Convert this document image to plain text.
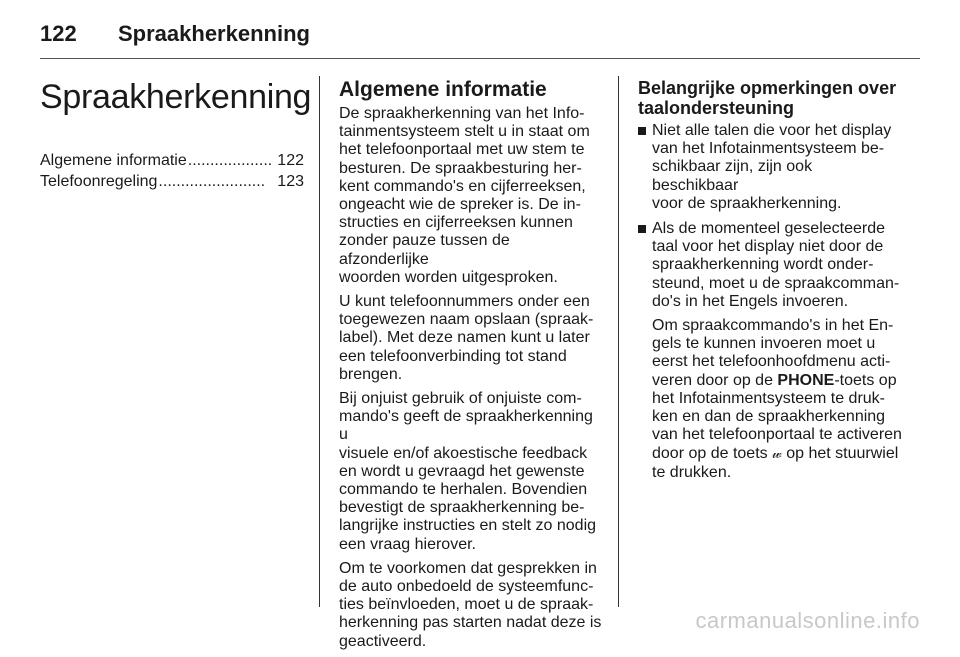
122	Spraakherkenning
Spraakherkenning
Algemene informatie ................... 122
Telefoonregeling ........................ 123
Algemene informatie

De spraakherkenning van het Info-
tainmentsysteem stelt u in staat om
het telefoonportaal met uw stem te
besturen. De spraakbesturing her-
kent commando's en cijferreeksen,
ongeacht wie de spreker is. De in-
structies en cijferreeksen kunnen
zonder pauze tussen de afzonderlijke
woorden worden uitgesproken.

U kunt telefoonnummers onder een
toegewezen naam opslaan (spraak-
label). Met deze namen kunt u later
een telefoonverbinding tot stand
brengen.

Bij onjuist gebruik of onjuiste com-
mando's geeft de spraakherkenning u
visuele en/of akoestische feedback
en wordt u gevraagd het gewenste
commando te herhalen. Bovendien
bevestigt de spraakherkenning be-
langrijke instructies en stelt zo nodig
een vraag hierover.

Om te voorkomen dat gesprekken in
de auto onbedoeld de systeemfunc-
ties beïnvloeden, moet u de spraak-
herkenning pas starten nadat deze is
geactiveerd.

Belangrijke opmerkingen over taalondersteuning

Niet alle talen die voor het display
van het Infotainmentsysteem be-
schikbaar zijn, zijn ook beschikbaar
voor de spraakherkenning.

Als de momenteel geselecteerde
taal voor het display niet door de
spraakherkenning wordt onder-
steund, moet u de spraakcomman-
do's in het Engels invoeren.

Om spraakcommando's in het En-
gels te kunnen invoeren moet u
eerst het telefoonhoofdmenu acti-
veren door op de PHONE-toets op
het Infotainmentsysteem te druk-
ken en dan de spraakherkenning
van het telefoonportaal te activeren
door op de toets 𝓌 op het stuurwiel
te drukken.

carmanualsonline.info
